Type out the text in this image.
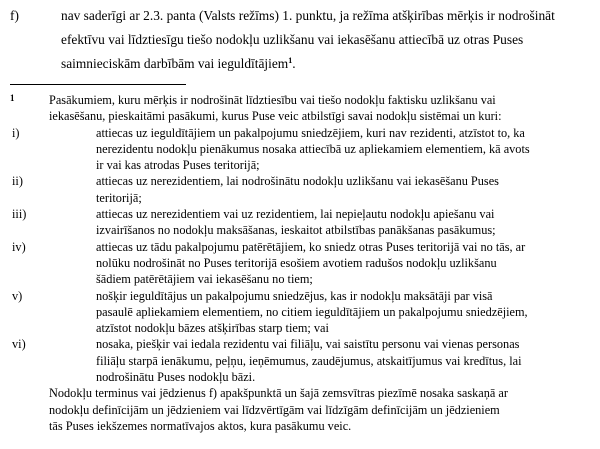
f)	nav saderīgi ar 2.3. panta (Valsts režīms) 1. punktu, ja režīma atšķirības mērķis ir nodrošināt

efektīvu vai līdztiesīgu tiešo nodokļu uzlikšanu vai iekasēšanu attiecībā uz otras Puses

saimnieciskām darbībām vai ieguldītājiem$^1$.

1	Pasākumiem, kuru mērķis ir nodrošināt līdztiesību vai tiešo nodokļu faktisku uzlikšanu vai

iekasēšanu, pieskaitāmi pasākumi, kurus Puse veic atbilstīgi savai nodokļu sistēmai un kuri:

i)	attiecas uz ieguldītājiem un pakalpojumu sniedzējiem, kuri nav rezidenti, atzīstot to, ka

nerezidentu nodokļu pienākumus nosaka attiecībā uz apliekamiem elementiem, kā avots

ir vai kas atrodas Puses teritorijā;

ii)	attiecas uz nerezidentiem, lai nodrošinātu nodokļu uzlikšanu vai iekasēšanu Puses

teritorijā;

iii)	attiecas uz nerezidentiem vai uz rezidentiem, lai nepieļautu nodokļu apiešanu vai

izvairīšanos no nodokļu maksāšanas, ieskaitot atbilstības panākšanas pasākumus;

iv)	attiecas uz tādu pakalpojumu patērētājiem, ko sniedz otras Puses teritorijā vai no tās, ar

nolūku nodrošināt no Puses teritorijā esošiem avotiem radušos nodokļu uzlikšanu

šādiem patērētājiem vai iekasēšanu no tiem;

v)	nošķir ieguldītājus un pakalpojumu sniedzējus, kas ir nodokļu maksātāji par visā

pasaulē apliekamiem elementiem, no citiem ieguldītājiem un pakalpojumu sniedzējiem,

atzīstot nodokļu bāzes atšķirības starp tiem; vai

vi)	nosaka, piešķir vai iedala rezidentu vai filiāļu, vai saistītu personu vai vienas personas

filiāļu starpā ienākumu, peļņu, ieņēmumus, zaudējumus, atskaitījumus vai kredītus, lai

nodrošinātu Puses nodokļu bāzi.

Nodokļu terminus vai jēdzienus f) apakšpunktā un šajā zemsvītras piezīmē nosaka saskaņā ar

nodokļu definīcijām un jēdzieniem vai līdzvērtīgām vai līdzīgām definīcijām un jēdzieniem

tās Puses iekšzemes normatīvajos aktos, kura pasākumu veic.
